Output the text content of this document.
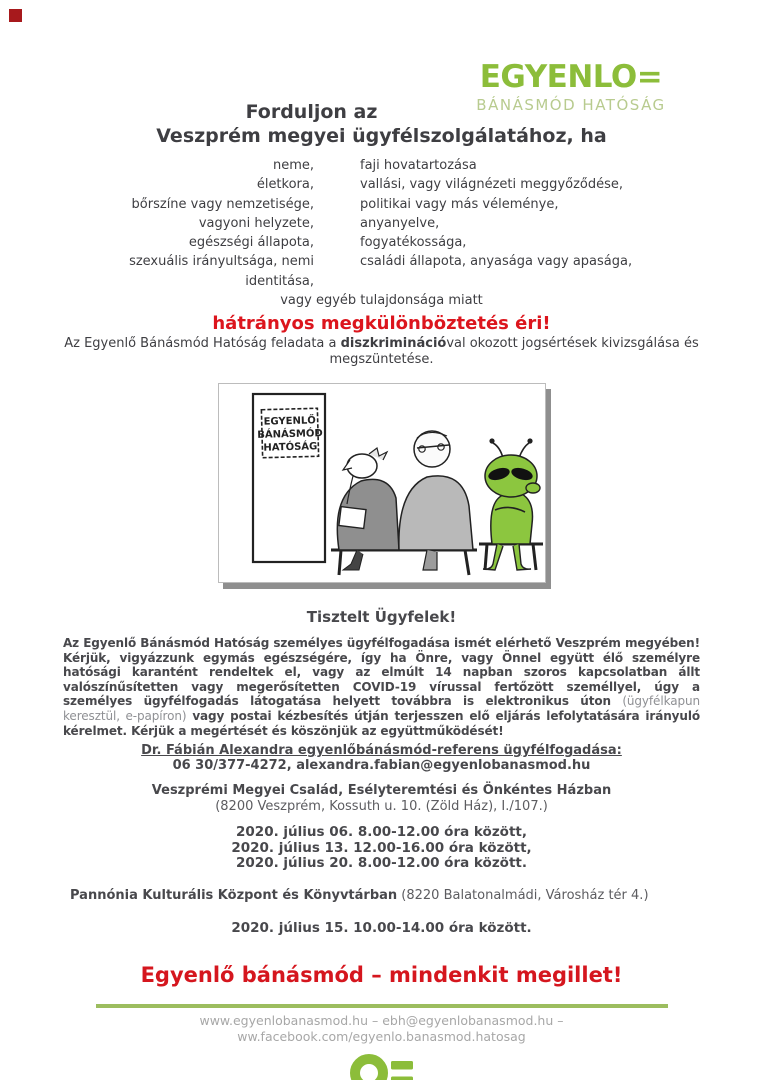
EGYENLO=
BÁNÁSMÓD HATÓSÁG
Forduljon az
Veszprém megyei ügyfélszolgálatához, ha
neme,
életkora,
bőrszíne vagy nemzetisége,
vagyoni helyzete,
egészségi állapota,
szexuális irányultsága, nemi identitása,
faji hovatartozása
vallási, vagy világnézeti meggyőződése,
politikai vagy más véleménye,
anyanyelve,
fogyatékossága,
családi állapota, anyasága vagy apasága,
vagy egyéb tulajdonsága miatt
hátrányos megkülönböztetés éri!
Az Egyenlő Bánásmód Hatóság feladata a diszkriminációval okozott jogsértések kivizsgálása és megszüntetése.
EGYENLŐ
BÁNÁSMÓD
HATÓSÁG
Tisztelt Ügyfelek!
Az Egyenlő Bánásmód Hatóság személyes ügyfélfogadása ismét elérhető Veszprém megyében! Kérjük, vigyázzunk egymás egészségére, így ha Önre, vagy Önnel együtt élő személyre hatósági karantént rendeltek el, vagy az elmúlt 14 napban szoros kapcsolatban állt valószínűsítetten vagy megerősítetten COVID-19 vírussal fertőzött személlyel, úgy a személyes ügyfélfogadás látogatása helyett továbbra is elektronikus úton (ügyfélkapun keresztül, e-papíron) vagy postai kézbesítés útján terjesszen elő eljárás lefolytatására irányuló kérelmet. Kérjük a megértését és köszönjük az együttműködését!
Dr. Fábián Alexandra egyenlőbánásmód-referens ügyfélfogadása:
06 30/377-4272, alexandra.fabian@egyenlobanasmod.hu
Veszprémi Megyei Család, Esélyteremtési és Önkéntes Házban
(8200 Veszprém, Kossuth u. 10. (Zöld Ház), I./107.)
2020. július 06. 8.00-12.00 óra között,
2020. július 13. 12.00-16.00 óra között,
2020. július 20. 8.00-12.00 óra között.
Pannónia Kulturális Központ és Könyvtárban (8220 Balatonalmádi, Városház tér 4.)
2020. július 15. 10.00-14.00 óra között.
Egyenlő bánásmód – mindenkit megillet!
www.egyenlobanasmod.hu – ebh@egyenlobanasmod.hu –
ww.facebook.com/egyenlo.banasmod.hatosag
